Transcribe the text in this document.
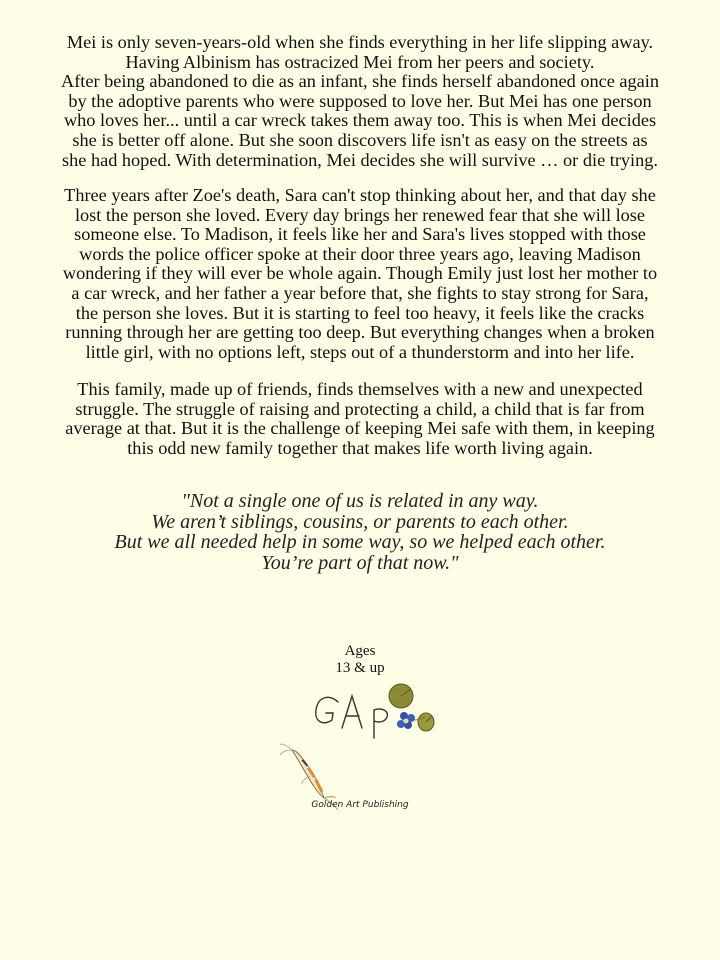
Mei is only seven-years-old when she finds everything in her life slipping away.
Having Albinism has ostracized Mei from her peers and society.
After being abandoned to die as an infant, she finds herself abandoned once again
by the adoptive parents who were supposed to love her. But Mei has one person
who loves her... until a car wreck takes them away too. This is when Mei decides
she is better off alone. But she soon discovers life isn't as easy on the streets as
she had hoped. With determination, Mei decides she will survive … or die trying.
Three years after Zoe's death, Sara can't stop thinking about her, and that day she
lost the person she loved. Every day brings her renewed fear that she will lose
someone else. To Madison, it feels like her and Sara's lives stopped with those
words the police officer spoke at their door three years ago, leaving Madison
wondering if they will ever be whole again. Though Emily just lost her mother to
a car wreck, and her father a year before that, she fights to stay strong for Sara,
the person she loves. But it is starting to feel too heavy, it feels like the cracks
running through her are getting too deep. But everything changes when a broken
little girl, with no options left, steps out of a thunderstorm and into her life.
This family, made up of friends, finds themselves with a new and unexpected
struggle. The struggle of raising and protecting a child, a child that is far from
average at that. But it is the challenge of keeping Mei safe with them, in keeping
this odd new family together that makes life worth living again.
"Not a single one of us is related in any way.
We aren’t siblings, cousins, or parents to each other.
But we all needed help in some way, so we helped each other.
You’re part of that now."
Ages
13 & up
Golden Art Publishing
